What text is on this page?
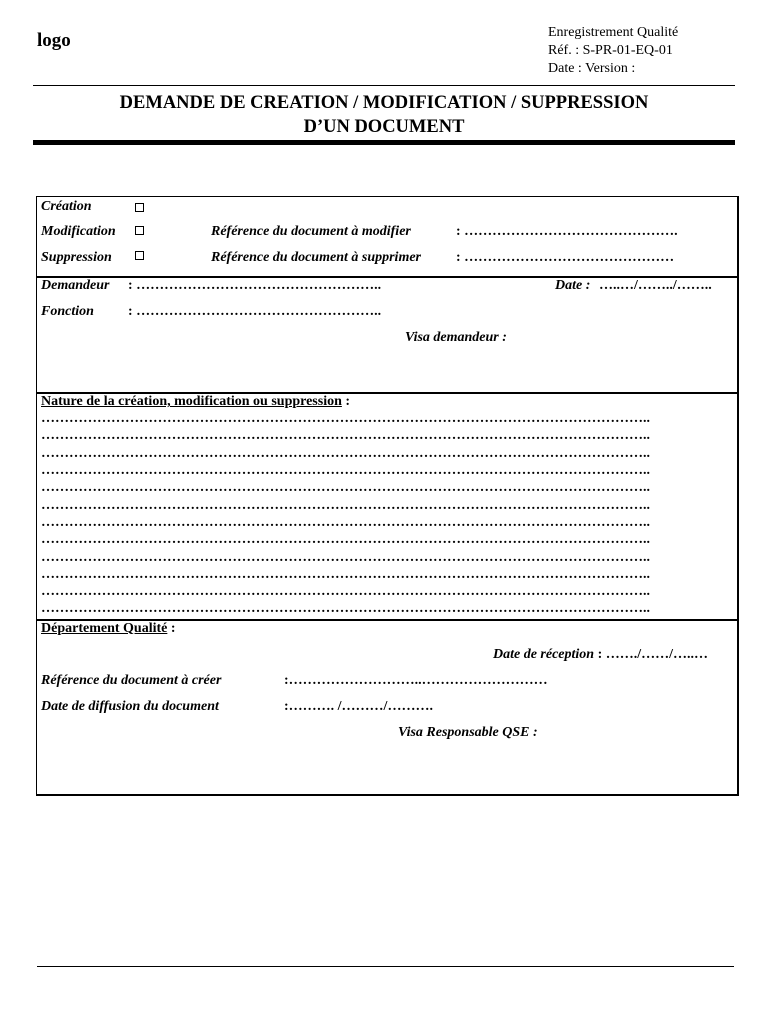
logo	Enregistrement Qualité
Réf. : S-PR-01-EQ-01
Date : Version :
DEMANDE DE CREATION / MODIFICATION / SUPPRESSION
D’UN DOCUMENT
Création
Modification	Référence du document à modifier	: ……………………………………….
Suppression	Référence du document à supprimer	: ………………………………………
Demandeur : ……………………………………………..	Date : …..…/……../……..
Fonction : ……………………………………………..
Visa demandeur :
Nature de la création, modification ou suppression :
…………………………………………………………………………………………………………………..
…………………………………………………………………………………………………………………..
…………………………………………………………………………………………………………………..
…………………………………………………………………………………………………………………..
…………………………………………………………………………………………………………………..
…………………………………………………………………………………………………………………..
…………………………………………………………………………………………………………………..
…………………………………………………………………………………………………………………..
…………………………………………………………………………………………………………………..
…………………………………………………………………………………………………………………..
…………………………………………………………………………………………………………………..
…………………………………………………………………………………………………………………..
Département Qualité :
Date de réception : ……./……/…..…
Référence du document à créer	:………………………..………………………
Date de diffusion du document	:………. /………/……….
Visa Responsable QSE :
